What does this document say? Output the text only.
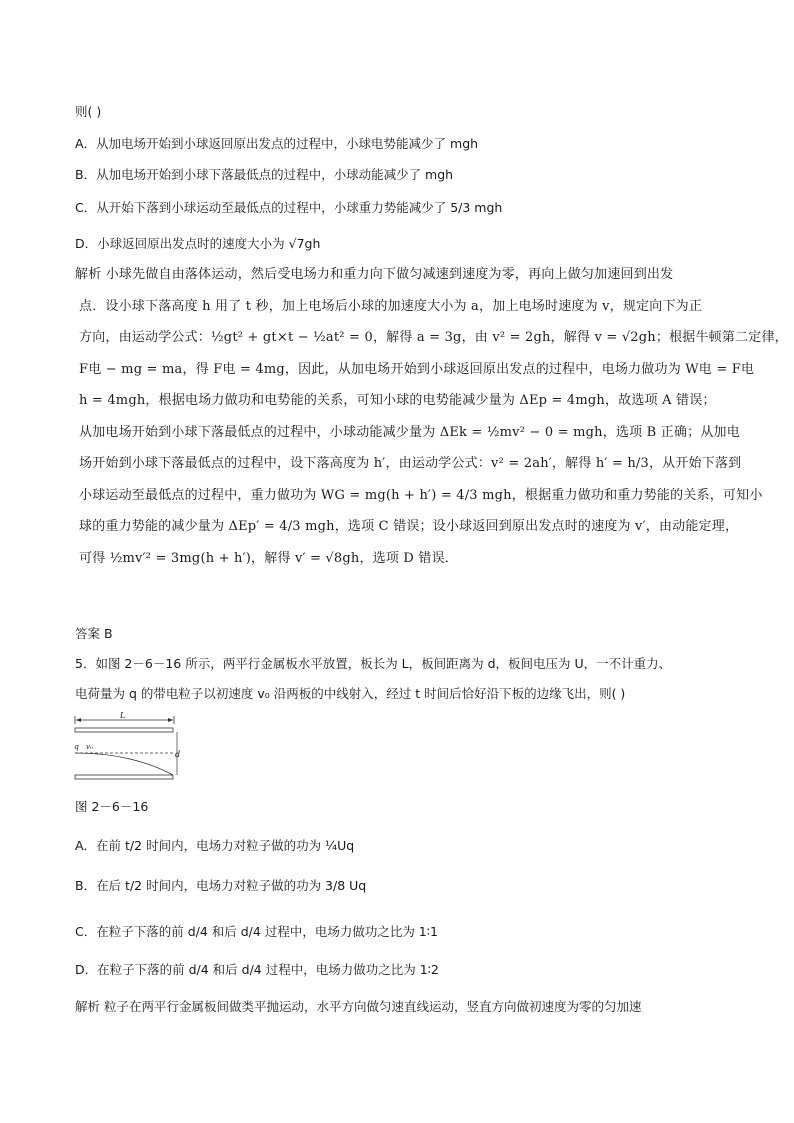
则( )
A．从加电场开始到小球返回原出发点的过程中，小球电势能减少了 mgh
B．从加电场开始到小球下落最低点的过程中，小球动能减少了 mgh
C．从开始下落到小球运动至最低点的过程中，小球重力势能减少了 5/3 mgh
D．小球返回原出发点时的速度大小为 √7gh
解析 小球先做自由落体运动，然后受电场力和重力向下做匀减速到速度为零，再向上做匀加速回到出发
点．设小球下落高度 h 用了 t 秒，加上电场后小球的加速度大小为 a，加上电场时速度为 v，规定向下为正
方向，由运动学公式：½gt² + gt×t − ½at² = 0，解得 a = 3g，由 v² = 2gh，解得 v = √2gh；根据牛顿第二定律，
F电 − mg = ma，得 F电 = 4mg，因此，从加电场开始到小球返回原出发点的过程中，电场力做功为 W电 = F电
h = 4mgh，根据电场力做功和电势能的关系，可知小球的电势能减少量为 ΔEp = 4mgh，故选项 A 错误；
从加电场开始到小球下落最低点的过程中，小球动能减少量为 ΔEk = ½mv² − 0 = mgh，选项 B 正确；从加电
场开始到小球下落最低点的过程中，设下落高度为 h′，由运动学公式：v² = 2ah′，解得 h′ = h/3，从开始下落到
小球运动至最低点的过程中，重力做功为 WG = mg(h + h′) = 4/3 mgh，根据重力做功和重力势能的关系，可知小
球的重力势能的减少量为 ΔEp′ = 4/3 mgh，选项 C 错误；设小球返回到原出发点时的速度为 v′，由动能定理，
可得 ½mv′² = 3mg(h + h′)，解得 v′ = √8gh，选项 D 错误．
答案 B
5．如图 2－6－16 所示，两平行金属板水平放置，板长为 L，板间距离为 d，板间电压为 U，一不计重力、
电荷量为 q 的带电粒子以初速度 v₀ 沿两板的中线射入，经过 t 时间后恰好沿下板的边缘飞出，则( )
L
q v₀
d
图 2－6－16
A．在前 t/2 时间内，电场力对粒子做的功为 ¼Uq
B．在后 t/2 时间内，电场力对粒子做的功为 3/8 Uq
C．在粒子下落的前 d/4 和后 d/4 过程中，电场力做功之比为 1∶1
D．在粒子下落的前 d/4 和后 d/4 过程中，电场力做功之比为 1∶2
解析 粒子在两平行金属板间做类平抛运动，水平方向做匀速直线运动，竖直方向做初速度为零的匀加速
